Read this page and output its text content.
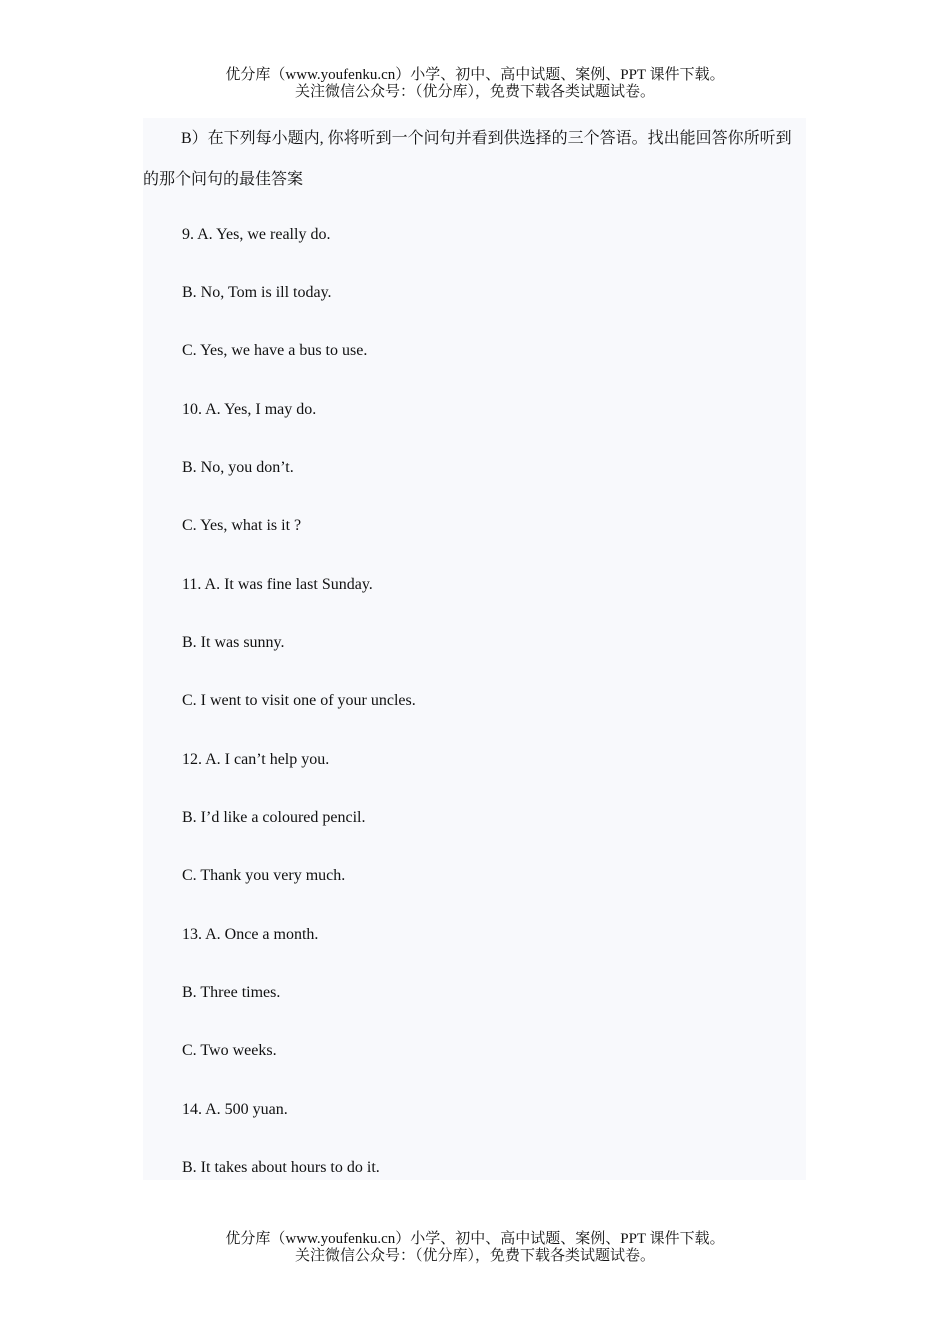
优分库（www.youfenku.cn）小学、初中、高中试题、案例、PPT 课件下载。
关注微信公众号：（优分库），免费下载各类试题试卷。

B）在下列每小题内, 你将听到一个问句并看到供选择的三个答语。找出能回答你所听到的那个问句的最佳答案

9. A. Yes, we really do.
B. No, Tom is ill today.
C. Yes, we have a bus to use.
10. A. Yes, I may do.
B. No, you don’t.
C. Yes, what is it ?
11. A. It was fine last Sunday.
B. It was sunny.
C. I went to visit one of your uncles.
12. A. I can’t help you.
B. I’d like a coloured pencil.
C. Thank you very much.
13. A. Once a month.
B. Three times.
C. Two weeks.
14. A. 500 yuan.
B. It takes about hours to do it.
优分库（www.youfenku.cn）小学、初中、高中试题、案例、PPT 课件下载。
关注微信公众号：（优分库），免费下载各类试题试卷。
